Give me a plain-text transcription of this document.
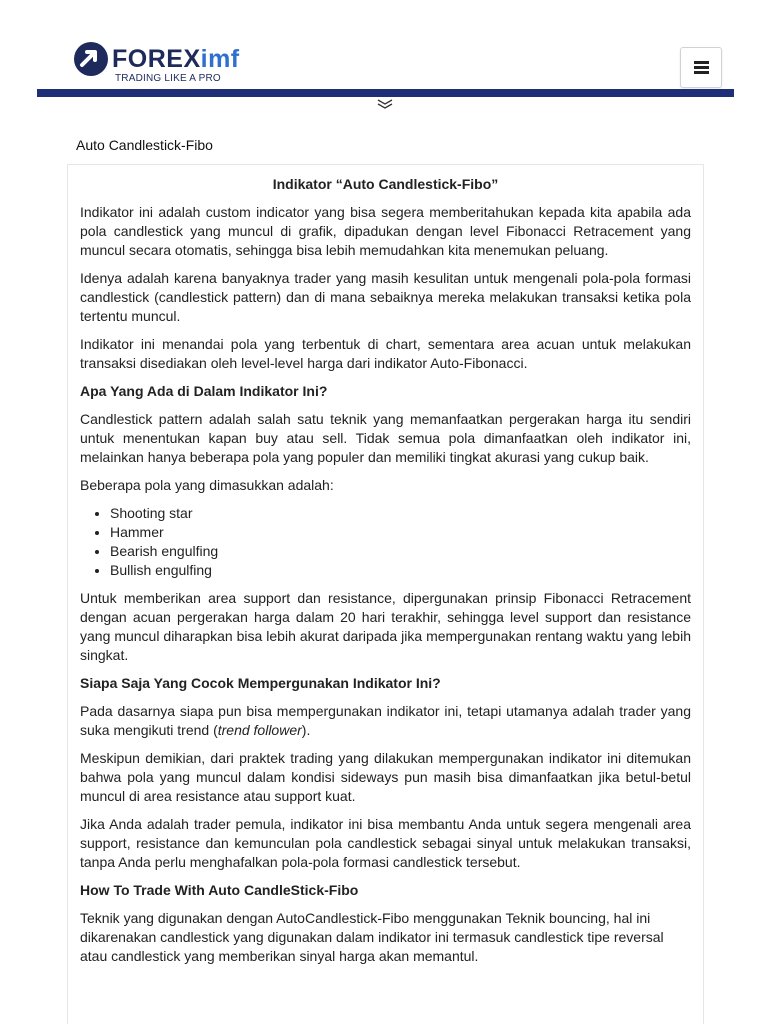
FOREXimf
TRADING LIKE A PRO
Auto Candlestick-Fibo

Indikator “Auto Candlestick-Fibo”

Indikator ini adalah custom indicator yang bisa segera memberitahukan kepada kita apabila ada pola candlestick yang muncul di grafik, dipadukan dengan level Fibonacci Retracement yang muncul secara otomatis, sehingga bisa lebih memudahkan kita menemukan peluang.

Idenya adalah karena banyaknya trader yang masih kesulitan untuk mengenali pola-pola formasi candlestick (candlestick pattern) dan di mana sebaiknya mereka melakukan transaksi ketika pola tertentu muncul.

Indikator ini menandai pola yang terbentuk di chart, sementara area acuan untuk melakukan transaksi disediakan oleh level-level harga dari indikator Auto-Fibonacci.

Apa Yang Ada di Dalam Indikator Ini?

Candlestick pattern adalah salah satu teknik yang memanfaatkan pergerakan harga itu sendiri untuk menentukan kapan buy atau sell. Tidak semua pola dimanfaatkan oleh indikator ini, melainkan hanya beberapa pola yang populer dan memiliki tingkat akurasi yang cukup baik.

Beberapa pola yang dimasukkan adalah:

• Shooting star
• Hammer
• Bearish engulfing
• Bullish engulfing

Untuk memberikan area support dan resistance, dipergunakan prinsip Fibonacci Retracement dengan acuan pergerakan harga dalam 20 hari terakhir, sehingga level support dan resistance yang muncul diharapkan bisa lebih akurat daripada jika mempergunakan rentang waktu yang lebih singkat.

Siapa Saja Yang Cocok Mempergunakan Indikator Ini?

Pada dasarnya siapa pun bisa mempergunakan indikator ini, tetapi utamanya adalah trader yang suka mengikuti trend (trend follower).

Meskipun demikian, dari praktek trading yang dilakukan mempergunakan indikator ini ditemukan bahwa pola yang muncul dalam kondisi sideways pun masih bisa dimanfaatkan jika betul-betul muncul di area resistance atau support kuat.

Jika Anda adalah trader pemula, indikator ini bisa membantu Anda untuk segera mengenali area support, resistance dan kemunculan pola candlestick sebagai sinyal untuk melakukan transaksi, tanpa Anda perlu menghafalkan pola-pola formasi candlestick tersebut.

How To Trade With Auto CandleStick-Fibo

Teknik yang digunakan dengan AutoCandlestick-Fibo menggunakan Teknik bouncing, hal ini dikarenakan candlestick yang digunakan dalam indikator ini termasuk candlestick tipe reversal atau candlestick yang memberikan sinyal harga akan memantul.
